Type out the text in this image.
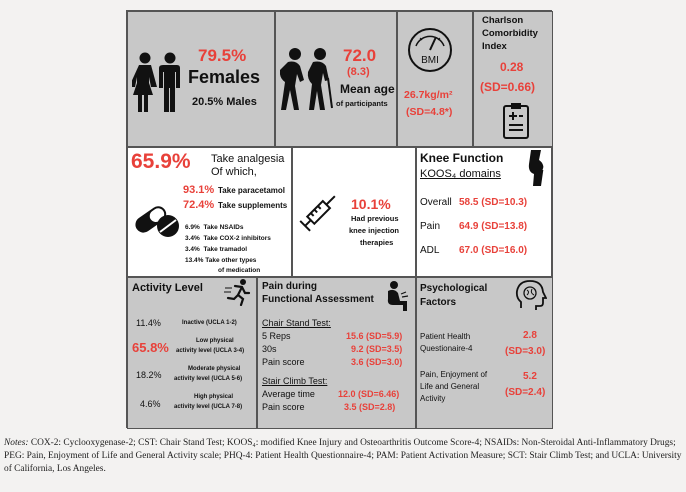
79.5%
Females
20.5% Males
72.0
(8.3)
Mean age
of participants
BMI
26.7kg/m²
(SD=4.8*)
Charlson
Comorbidity
Index
0.28
(SD=0.66)
65.9% Take analgesia
Of which,
93.1% Take paracetamol
72.4% Take supplements
6.9% Take NSAIDs
3.4% Take COX-2 inhibitors
3.4% Take tramadol
13.4% Take other types
of medication
10.1%
Had previous
knee injection
therapies
Knee Function
KOOS₄ domains
Overall 58.5 (SD=10.3)
Pain 64.9 (SD=13.8)
ADL 67.0 (SD=16.0)
Activity Level
11.4%	Inactive (UCLA 1-2)
65.8%	Low physical
activity level (UCLA 3-4)
18.2%
Moderate physical
activity level (UCLA 5-6)
4.6%
High physical
activity level (UCLA 7-8)
Pain during
Functional Assessment
Chair Stand Test:
5 Reps	15.6 (SD=5.9)
30s	9.2 (SD=3.5)
Pain score	3.6 (SD=3.0)
Stair Climb Test:
Average time	12.0 (SD=6.46)
Pain score	3.5 (SD=2.8)
Psychological
Factors
Patient Health
Questionaire-4
2.8
(SD=3.0)
Pain, Enjoyment of
Life and General
Activity
5.2
(SD=2.4)
Notes: COX-2: Cyclooxygenase-2; CST: Chair Stand Test; KOOS₄: modified Knee Injury and Osteoarthritis Outcome Score-4; NSAIDs: Non-Steroidal Anti-Inflammatory Drugs; PEG: Pain, Enjoyment of Life and General Activity scale; PHQ-4: Patient Health Questionnaire-4; PAM: Patient Activation Measure; SCT: Stair Climb Test; and UCLA: University of California, Los Angeles.
